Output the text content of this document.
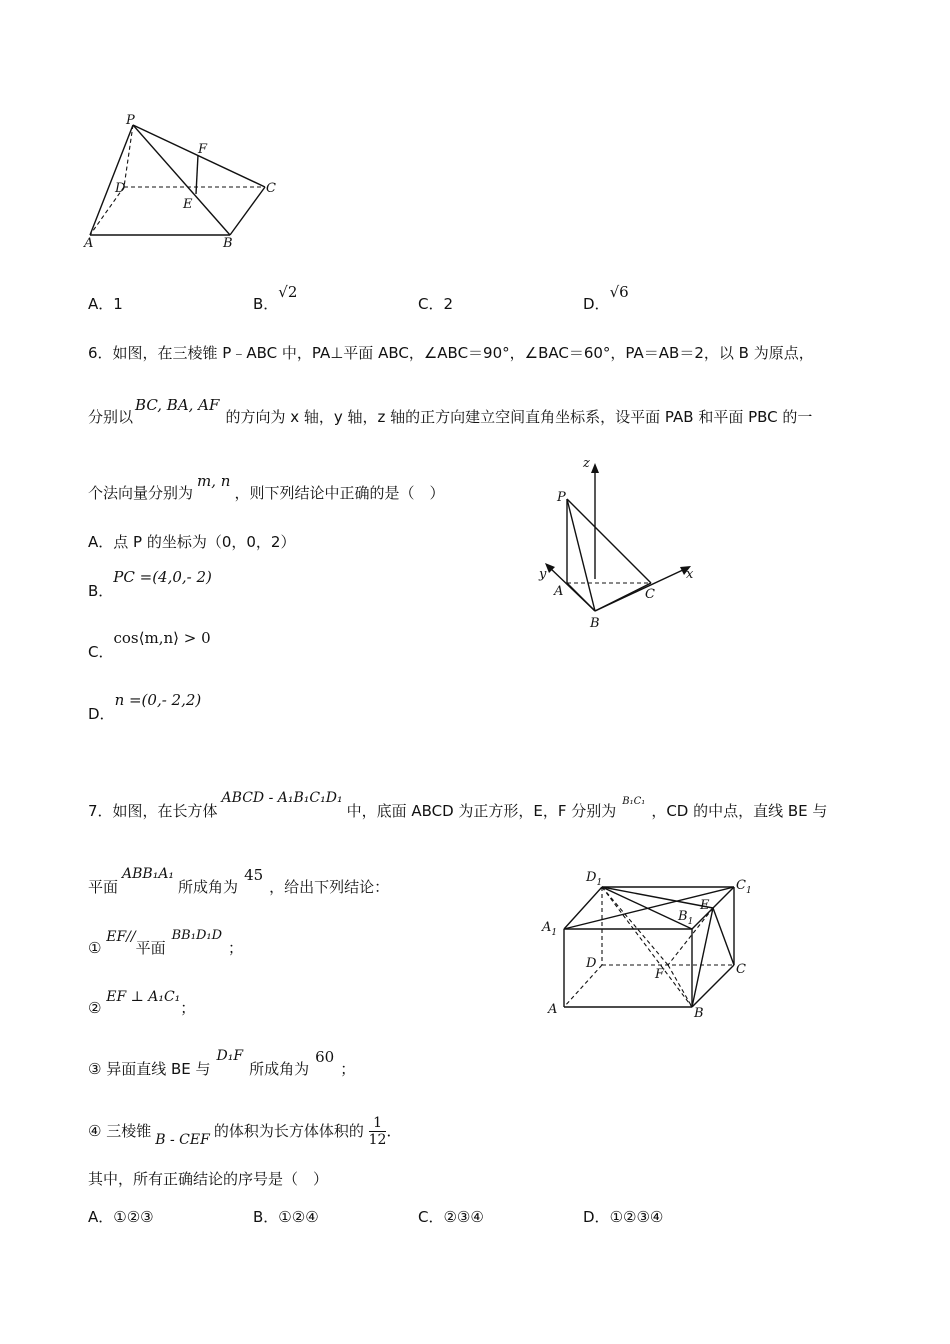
P
F
D	C
E
A	B
A．1	B．√2
C．2	D．√6
6．如图，在三棱锥 P﹣ABC 中，PA⊥平面 ABC，∠ABC＝90°，∠BAC＝60°，PA＝AB＝2，以 B 为原点，
分别以BC, BA, AF的方向为 x 轴，y 轴，z 轴的正方向建立空间直角坐标系，设平面 PAB 和平面 PBC 的一
个法向量分别为m, n，则下列结论中正确的是（　）
A．点 P 的坐标为（0，0，2）
B．PC =(4,0,‑ 2)
C．cos⟨m,n⟩ > 0
D．n =(0,‑ 2,2)
z
P
y	x
A	C
B
7．如图，在长方体ABCD ‑ A₁B₁C₁D₁中，底面 ABCD 为正方形，E，F 分别为$^{B_1C_1}$，CD 的中点，直线 BE 与
平面ABB₁A₁所成角为45，给出下列结论：
① EF//平面BB₁D₁D；
② EF ⊥ A₁C₁；
③ 异面直线 BE 与D₁F所成角为60；
④ 三棱锥 B ‑ CEF 的体积为长方体体积的 $\frac{1}{12}$ ．
其中，所有正确结论的序号是（　）
A．①②③	B．①②④	C．②③④	D．①②③④
$D_1$	$C_1$
$B_1$
E
$A_1$
D
F	C
A	B
